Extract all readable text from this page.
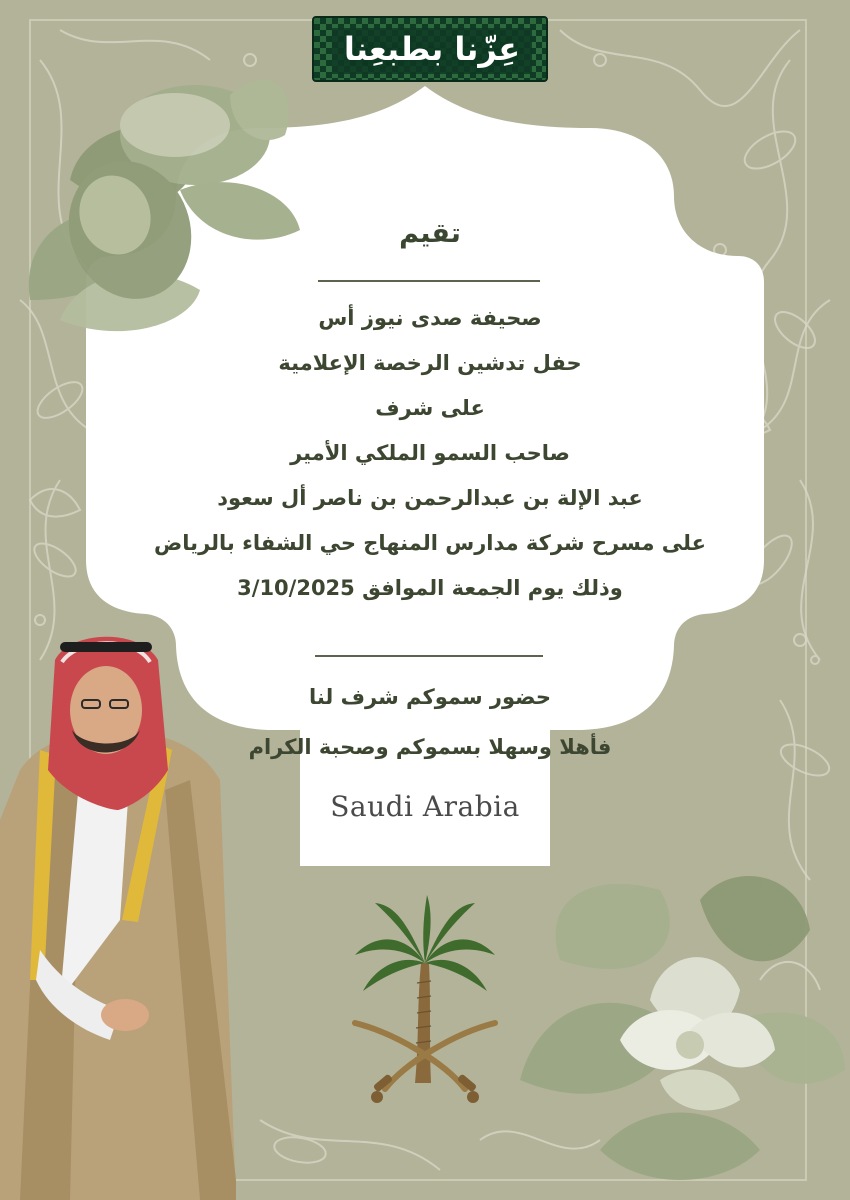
عِزّنا بطبعِنا
تقيم
صحيفة صدى نيوز أس
حفل تدشين الرخصة الإعلامية
على شرف
صاحب السمو الملكي الأمير
عبد الإلة بن عبدالرحمن بن ناصر أل سعود
على مسرح شركة مدارس المنهاج حي الشفاء بالرياض
وذلك يوم الجمعة الموافق 3/10/2025
حضور سموكم شرف لنا
فأهلا وسهلا بسموكم وصحبة الكرام
Saudi Arabia
